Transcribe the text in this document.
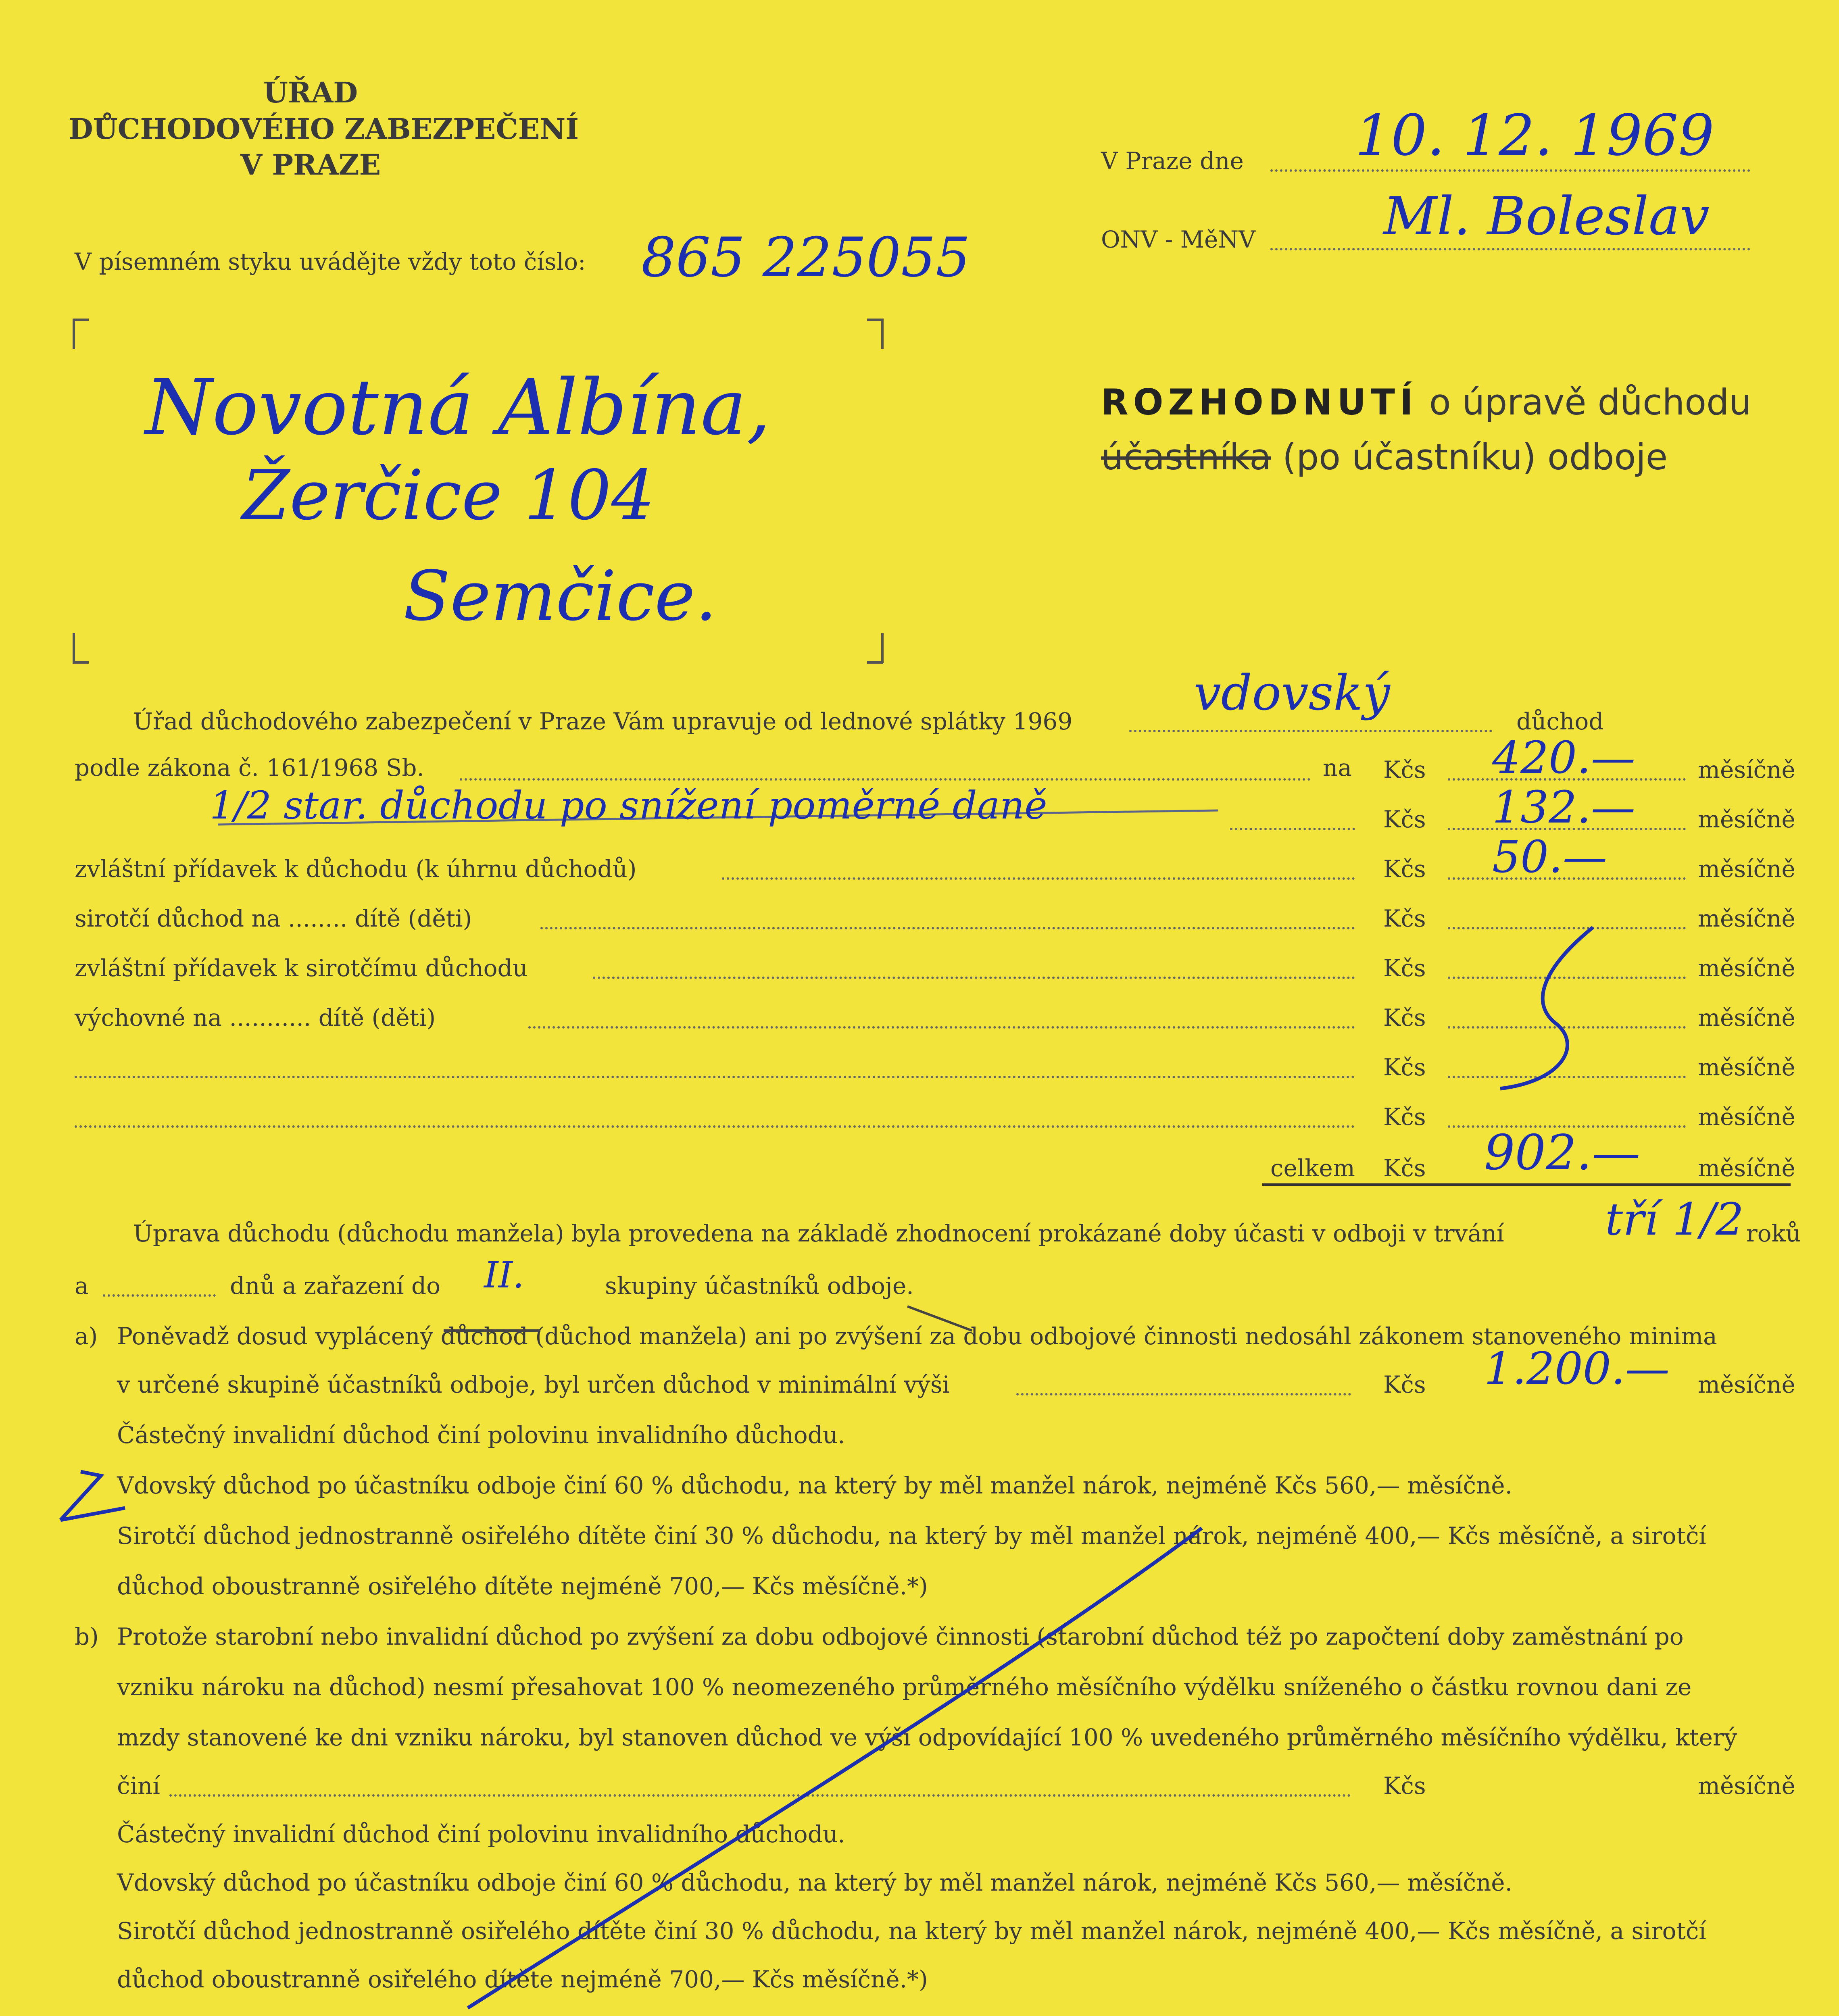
ÚŘAD
DŮCHODOVÉHO ZABEZPEČENÍ
V PRAZE	V Praze dne 10. 12. 1969
ONV - MěNV Ml. Boleslav
V písemném styku uvádějte vždy toto číslo: 865 225055
Novotná Albína,
Žerčice 104
Semčice.
ROZHODNUTÍ o úpravě důchodu
účastníka (po účastníku) odboje
Úřad důchodového zabezpečení v Praze Vám upravuje od lednové splátky 1969	vdovský	důchod
podle zákona č. 161/1968 Sb.	na Kčs 420.—	měsíčně
1/2 star. důchodu po snížení poměrné daně	Kčs 132.—	měsíčně
zvláštní přídavek k důchodu (k úhrnu důchodů)	Kčs 50.—	měsíčně
sirotčí důchod na ........ dítě (děti)	Kčs	měsíčně
zvláštní přídavek k sirotčímu důchodu	Kčs	měsíčně
výchovné na ........... dítě (děti)	Kčs	měsíčně
Kčs	měsíčně
Kčs	měsíčně
celkem Kčs 902.— měsíčně
Úprava důchodu (důchodu manžela) byla provedena na základě zhodnocení prokázané doby účasti v odboji v trvání tří 1/2 roků
a	dnů a zařazení do II.	skupiny účastníků odboje.
a) Poněvadž dosud vyplácený důchod (důchod manžela) ani po zvýšení za dobu odbojové činnosti nedosáhl zákonem stanoveného minima
v určené skupině účastníků odboje, byl určen důchod v minimální výši	Kčs 1.200.— měsíčně
Částečný invalidní důchod činí polovinu invalidního důchodu.
Vdovský důchod po účastníku odboje činí 60 % důchodu, na který by měl manžel nárok, nejméně Kčs 560,— měsíčně.
Sirotčí důchod jednostranně osiřelého dítěte činí 30 % důchodu, na který by měl manžel nárok, nejméně 400,— Kčs měsíčně, a sirotčí
důchod oboustranně osiřelého dítěte nejméně 700,— Kčs měsíčně.*)
b) Protože starobní nebo invalidní důchod po zvýšení za dobu odbojové činnosti (starobní důchod též po započtení doby zaměstnání po
vzniku nároku na důchod) nesmí přesahovat 100 % neomezeného průměrného měsíčního výdělku sníženého o částku rovnou dani ze
mzdy stanovené ke dni vzniku nároku, byl stanoven důchod ve výši odpovídající 100 % uvedeného průměrného měsíčního výdělku, který
činí	Kčs	měsíčně
Částečný invalidní důchod činí polovinu invalidního důchodu.
Vdovský důchod po účastníku odboje činí 60 % důchodu, na který by měl manžel nárok, nejméně Kčs 560,— měsíčně.
Sirotčí důchod jednostranně osiřelého dítěte činí 30 % důchodu, na který by měl manžel nárok, nejméně 400,— Kčs měsíčně, a sirotčí
důchod oboustranně osiřelého dítěte nejméně 700,— Kčs měsíčně.*)
